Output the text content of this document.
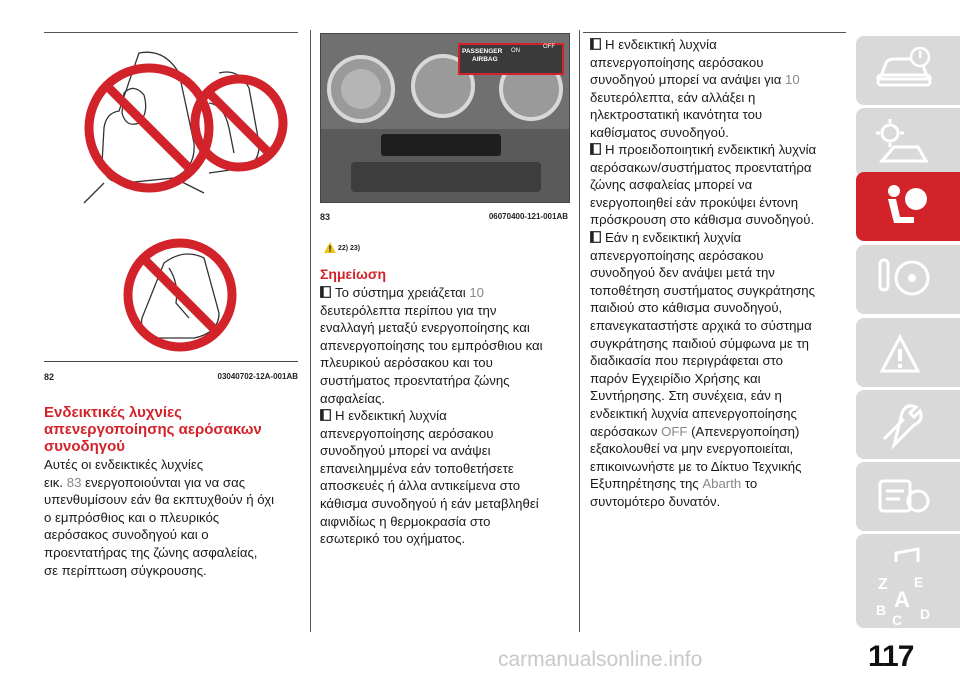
82	03040702-12A-001AB
Ενδεικτικές λυχνίες
απενεργοποίησης αερόσακων
συνοδηγού

Αυτές οι ενδεικτικές λυχνίες

εικ. 83 ενεργοποιούνται για να σας

υπενθυμίσουν εάν θα εκπτυχθούν ή όχι

ο εμπρόσθιος και ο πλευρικός

αερόσακος συνοδηγού και ο

προεντατήρας της ζώνης ασφαλείας,

σε περίπτωση σύγκρουσης.

PASSENGER
AIRBAG
ON
OFF
83	06070400-121-001AB
22) 23)
Σημείωση

Το σύστημα χρειάζεται 10

δευτερόλεπτα περίπου για την

εναλλαγή μεταξύ ενεργοποίησης και

απενεργοποίησης του εμπρόσθιου και

πλευρικού αερόσακου και του

συστήματος προεντατήρα ζώνης

ασφαλείας.

Η ενδεικτική λυχνία

απενεργοποίησης αερόσακου

συνοδηγού μπορεί να ανάψει

επανειλημμένα εάν τοποθετήσετε

αποσκευές ή άλλα αντικείμενα στο

κάθισμα συνοδηγού ή εάν μεταβληθεί

αιφνιδίως η θερμοκρασία στο

εσωτερικό του οχήματος.

Η ενδεικτική λυχνία

απενεργοποίησης αερόσακου

συνοδηγού μπορεί να ανάψει για 10

δευτερόλεπτα, εάν αλλάξει η

ηλεκτροστατική ικανότητα του

καθίσματος συνοδηγού.

Η προειδοποιητική ενδεικτική λυχνία

αερόσακων/συστήματος προεντατήρα

ζώνης ασφαλείας μπορεί να

ενεργοποιηθεί εάν προκύψει έντονη

πρόσκρουση στο κάθισμα συνοδηγού.

Εάν η ενδεικτική λυχνία

απενεργοποίησης αερόσακου

συνοδηγού δεν ανάψει μετά την

τοποθέτηση συστήματος συγκράτησης

παιδιού στο κάθισμα συνοδηγού,

επανεγκαταστήστε αρχικά το σύστημα

συγκράτησης παιδιού σύμφωνα με τη

διαδικασία που περιγράφεται στο

παρόν Εγχειρίδιο Χρήσης και

Συντήρησης. Στη συνέχεια, εάν η

ενδεικτική λυχνία απενεργοποίησης

αερόσακων OFF (Απενεργοποίηση)

εξακολουθεί να μην ενεργοποιείται,

επικοινωνήστε με το Δίκτυο Τεχνικής

Εξυπηρέτησης της Abarth το

συντομότερο δυνατόν.

Z E
A
B
C D
117
carmanualsonline.info
